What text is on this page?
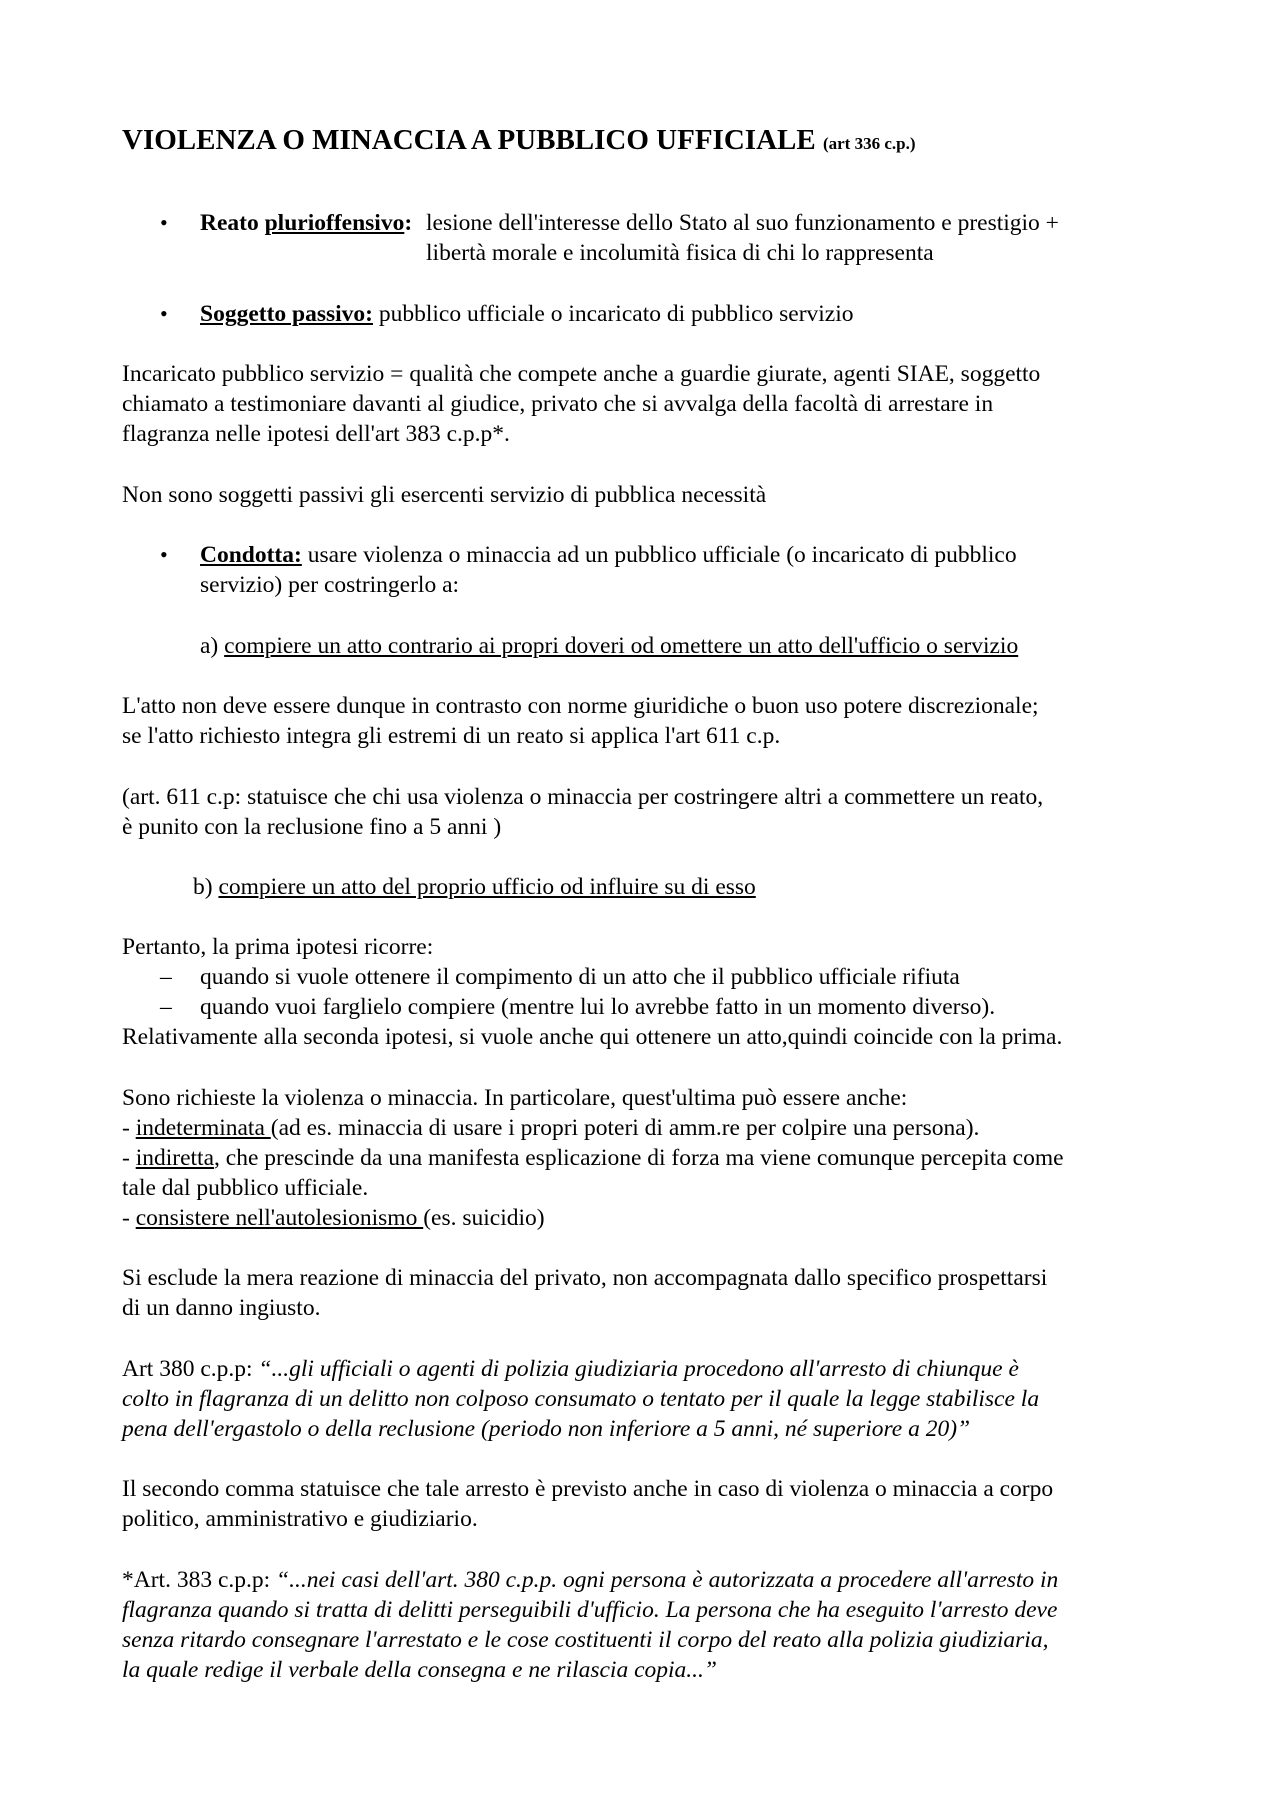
VIOLENZA O MINACCIA A PUBBLICO UFFICIALE (art 336 c.p.)
• Reato plurioffensivo: lesione dell'interesse dello Stato al suo funzionamento e prestigio +
libertà morale e incolumità fisica di chi lo rappresenta
• Soggetto passivo: pubblico ufficiale o incaricato di pubblico servizio
Incaricato pubblico servizio = qualità che compete anche a guardie giurate, agenti SIAE, soggetto
chiamato a testimoniare davanti al giudice, privato che si avvalga della facoltà di arrestare in
flagranza nelle ipotesi dell'art 383 c.p.p*.
Non sono soggetti passivi gli esercenti servizio di pubblica necessità
• Condotta: usare violenza o minaccia ad un pubblico ufficiale (o incaricato di pubblico
servizio) per costringerlo a:
a) compiere un atto contrario ai propri doveri od omettere un atto dell'ufficio o servizio
L'atto non deve essere dunque in contrasto con norme giuridiche o buon uso potere discrezionale;
se l'atto richiesto integra gli estremi di un reato si applica l'art 611 c.p.
(art. 611 c.p: statuisce che chi usa violenza o minaccia per costringere altri a commettere un reato,
è punito con la reclusione fino a 5 anni )
b) compiere un atto del proprio ufficio od influire su di esso
Pertanto, la prima ipotesi ricorre:
– quando si vuole ottenere il compimento di un atto che il pubblico ufficiale rifiuta
– quando vuoi farglielo compiere (mentre lui lo avrebbe fatto in un momento diverso).
Relativamente alla seconda ipotesi, si vuole anche qui ottenere un atto,quindi coincide con la prima.
Sono richieste la violenza o minaccia. In particolare, quest'ultima può essere anche:
- indeterminata (ad es. minaccia di usare i propri poteri di amm.re per colpire una persona).
- indiretta, che prescinde da una manifesta esplicazione di forza ma viene comunque percepita come
tale dal pubblico ufficiale.
- consistere nell'autolesionismo (es. suicidio)
Si esclude la mera reazione di minaccia del privato, non accompagnata dallo specifico prospettarsi
di un danno ingiusto.
Art 380 c.p.p: “...gli ufficiali o agenti di polizia giudiziaria procedono all'arresto di chiunque è
colto in flagranza di un delitto non colposo consumato o tentato per il quale la legge stabilisce la
pena dell'ergastolo o della reclusione (periodo non inferiore a 5 anni, né superiore a 20)”
Il secondo comma statuisce che tale arresto è previsto anche in caso di violenza o minaccia a corpo
politico, amministrativo e giudiziario.
*Art. 383 c.p.p: “...nei casi dell'art. 380 c.p.p. ogni persona è autorizzata a procedere all'arresto in
flagranza quando si tratta di delitti perseguibili d'ufficio. La persona che ha eseguito l'arresto deve
senza ritardo consegnare l'arrestato e le cose costituenti il corpo del reato alla polizia giudiziaria,
la quale redige il verbale della consegna e ne rilascia copia...”
